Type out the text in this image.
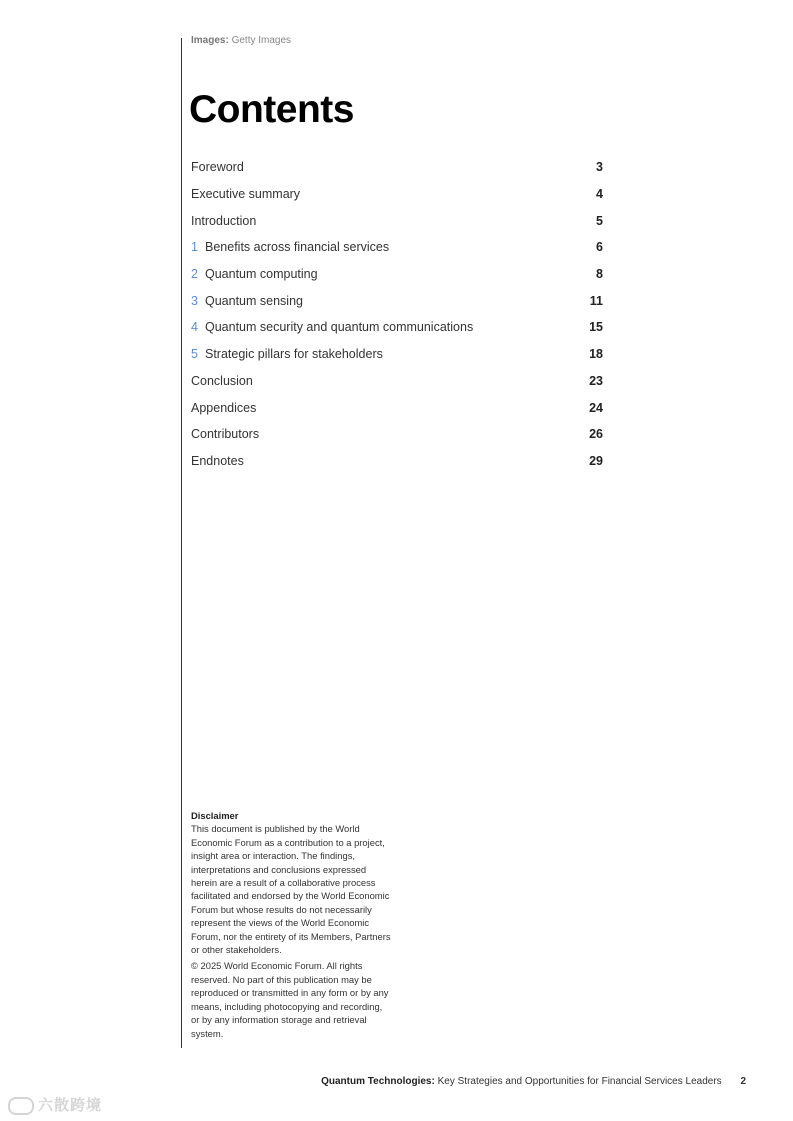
Images: Getty Images
Contents
Foreword	3
Executive summary	4
Introduction	5
1 Benefits across financial services	6
2 Quantum computing	8
3 Quantum sensing	11
4 Quantum security and quantum communications	15
5 Strategic pillars for stakeholders	18
Conclusion	23
Appendices	24
Contributors	26
Endnotes	29
Disclaimer

This document is published by the World Economic Forum as a contribution to a project, insight area or interaction. The findings, interpretations and conclusions expressed herein are a result of a collaborative process facilitated and endorsed by the World Economic Forum but whose results do not necessarily represent the views of the World Economic Forum, nor the entirety of its Members, Partners or other stakeholders.

© 2025 World Economic Forum. All rights reserved. No part of this publication may be reproduced or transmitted in any form or by any means, including photocopying and recording, or by any information storage and retrieval system.

Quantum Technologies: Key Strategies and Opportunities for Financial Services Leaders 2
六散跨境
